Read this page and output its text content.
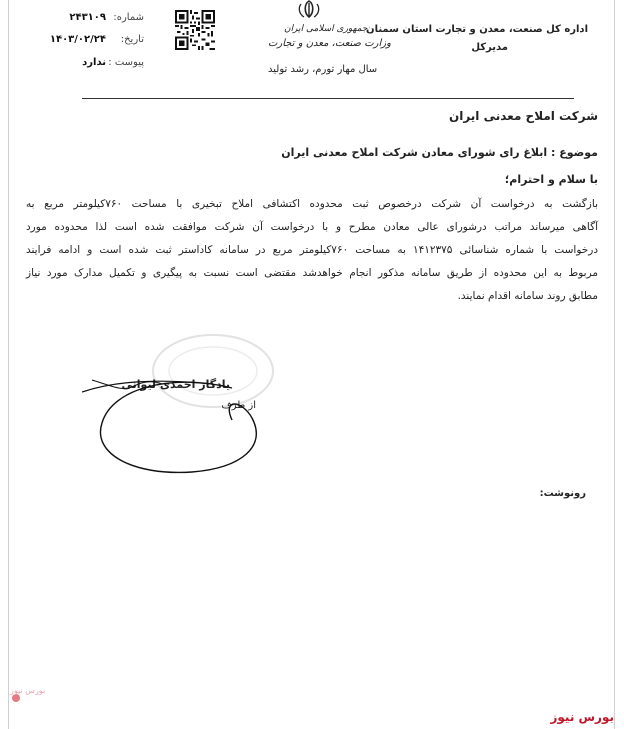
اداره کل صنعت، معدن و تجارت استان سمنان
مدیرکل
جمهوری اسلامی ایران
وزارت صنعت، معدن و تجارت
سال مهار تورم، رشد تولید
شماره:
۲۴۳۱۰۹
تاریخ:
۱۴۰۳/۰۲/۲۴
پیوست :
ندارد
شرکت املاح معدنی ایران
موضوع : ابلاغ رای شورای معادن شرکت املاح معدنی ایران
با سلام و احترام؛
بازگشت به درخواست آن شرکت درخصوص ثبت محدوده اکتشافی املاح تبخیری با مساحت ۷۶۰کیلومتر مربع به
آگاهی میرساند مراتب درشورای عالی معادن مطرح و با درخواست آن شرکت موافقت شده است لذا محدوده مورد
درخواست با شماره شناسائی ۱۴۱۲۳۷۵ به مساحت ۷۶۰کیلومتر مربع در سامانه کاداستر ثبت شده است و ادامه فرایند
مربوط به این محدوده از طریق سامانه مذکور انجام خواهدشد مقتضی است نسبت به پیگیری و تکمیل مدارک مورد نیاز
مطابق روند سامانه اقدام نمایند.
یادگار احمدی لیوانی
از طرف
رونوشت:
بورس نیوز
بورس نیوز
